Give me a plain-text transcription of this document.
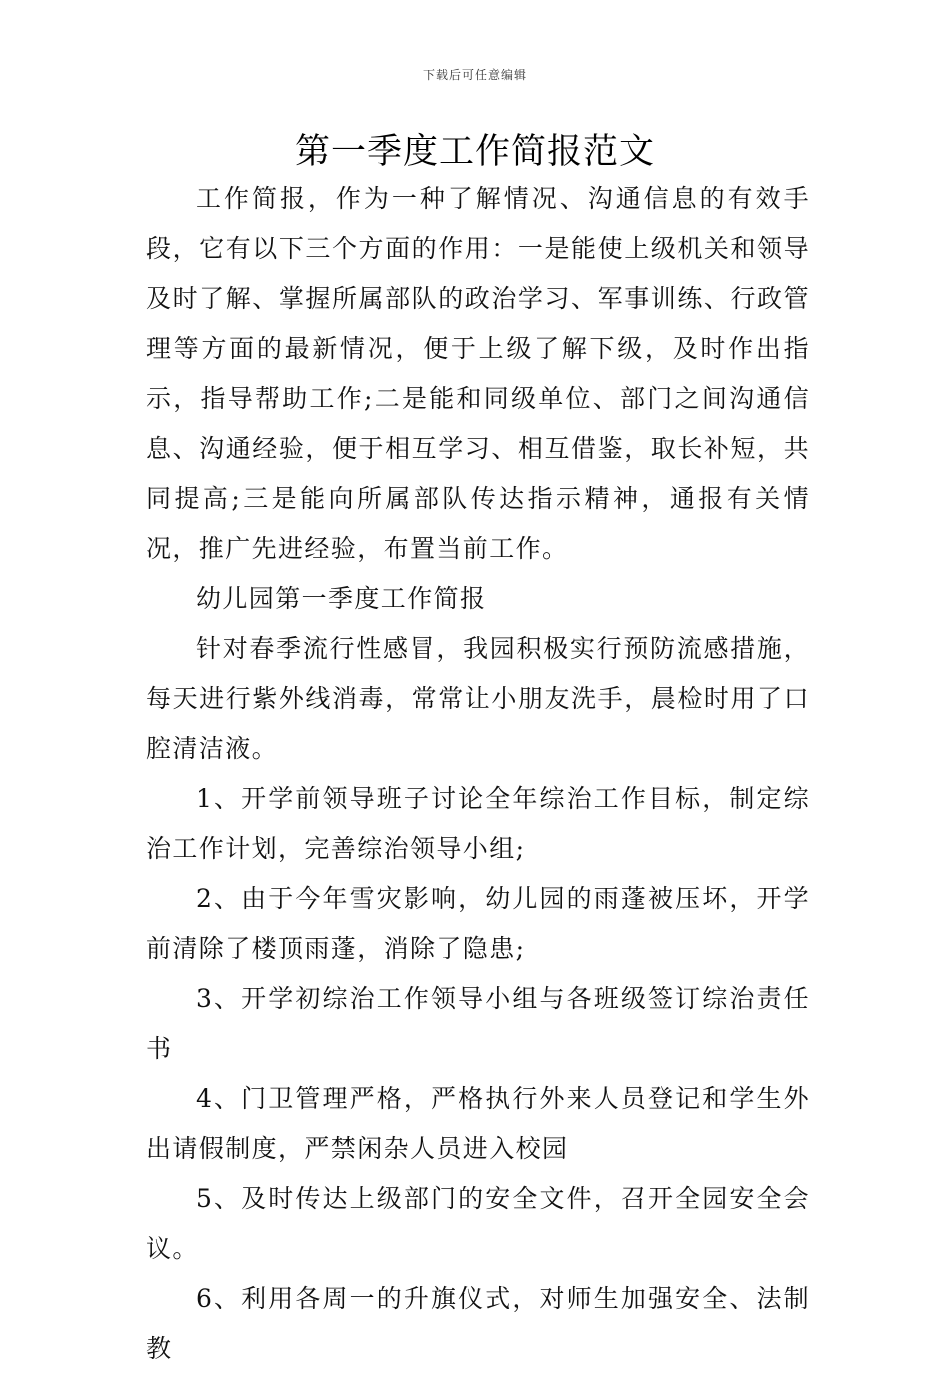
下载后可任意编辑
第一季度工作简报范文

工作简报，作为一种了解情况、沟通信息的有效手段，它有以下三个方面的作用：一是能使上级机关和领导及时了解、掌握所属部队的政治学习、军事训练、行政管理等方面的最新情况，便于上级了解下级，及时作出指示，指导帮助工作;二是能和同级单位、部门之间沟通信息、沟通经验，便于相互学习、相互借鉴，取长补短，共同提高;三是能向所属部队传达指示精神，通报有关情况，推广先进经验，布置当前工作。

幼儿园第一季度工作简报

针对春季流行性感冒，我园积极实行预防流感措施，每天进行紫外线消毒，常常让小朋友洗手，晨检时用了口腔清洁液。

1、开学前领导班子讨论全年综治工作目标，制定综治工作计划，完善综治领导小组;

2、由于今年雪灾影响，幼儿园的雨蓬被压坏，开学前清除了楼顶雨蓬，消除了隐患;

3、开学初综治工作领导小组与各班级签订综治责任书

4、门卫管理严格，严格执行外来人员登记和学生外出请假制度，严禁闲杂人员进入校园

5、及时传达上级部门的安全文件，召开全园安全会议。

6、利用各周一的升旗仪式，对师生加强安全、法制教
